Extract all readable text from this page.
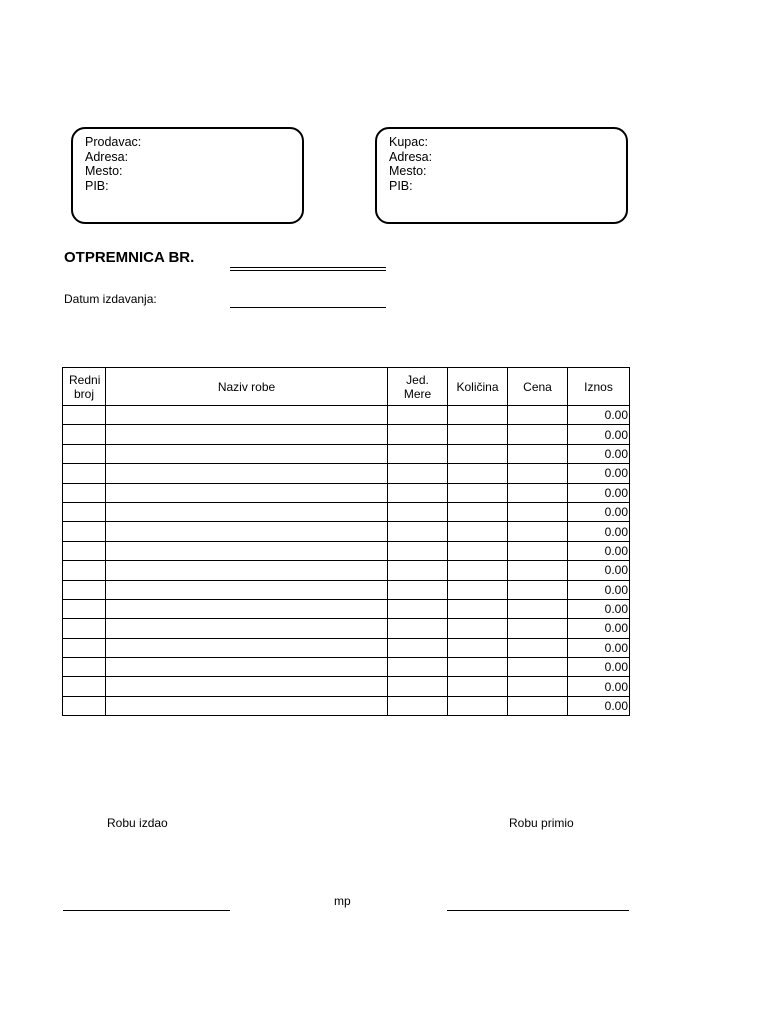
Prodavac:
Adresa:
Mesto:
PIB:
Kupac:
Adresa:
Mesto:
PIB:
OTPREMNICA BR.
Datum izdavanja:
Redni broj	Naziv robe	Jed. Mere	Količina	Cena	Iznos
					0.00
					0.00
					0.00
					0.00
					0.00
					0.00
					0.00
					0.00
					0.00
					0.00
					0.00
					0.00
					0.00
					0.00
					0.00
					0.00
Robu izdao	Robu primio
mp
